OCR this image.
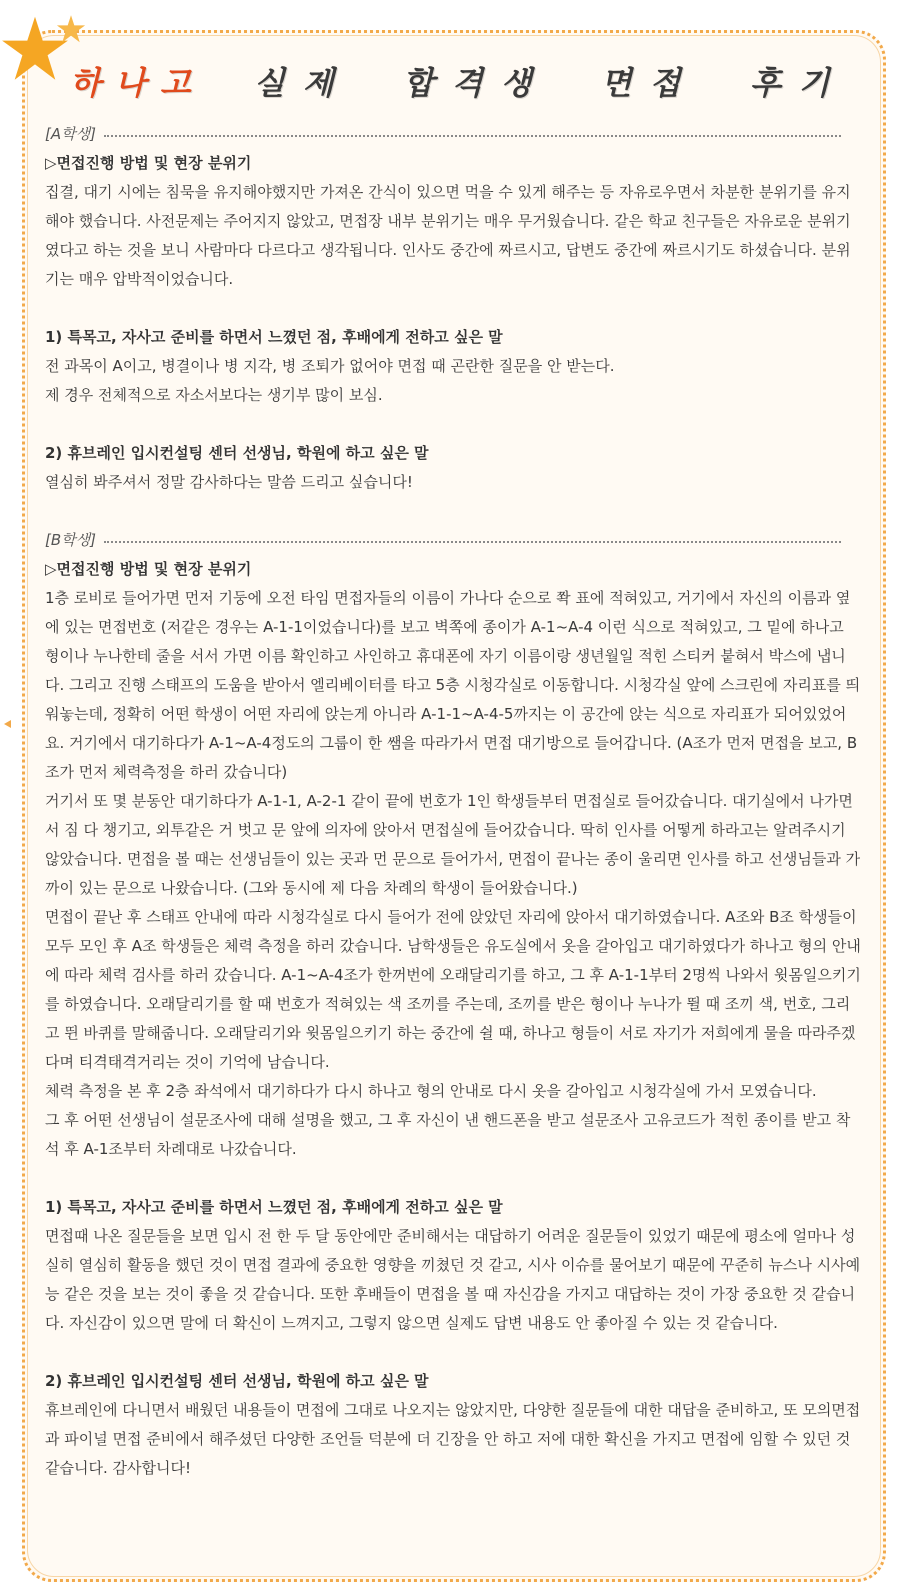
하나고 실제 합격생 면접 후기
[A학생]
▷면접진행 방법 및 현장 분위기

집결, 대기 시에는 침묵을 유지해야했지만 가져온 간식이 있으면 먹을 수 있게 해주는 등 자유로우면서 차분한 분위기를 유지해야 했습니다. 사전문제는 주어지지 않았고, 면접장 내부 분위기는 매우 무거웠습니다. 같은 학교 친구들은 자유로운 분위기였다고 하는 것을 보니 사람마다 다르다고 생각됩니다. 인사도 중간에 짜르시고, 답변도 중간에 짜르시기도 하셨습니다. 분위기는 매우 압박적이었습니다.

1) 특목고, 자사고 준비를 하면서 느꼈던 점, 후배에게 전하고 싶은 말

전 과목이 A이고, 병결이나 병 지각, 병 조퇴가 없어야 면접 때 곤란한 질문을 안 받는다.

제 경우 전체적으로 자소서보다는 생기부 많이 보심.

2) 휴브레인 입시컨설팅 센터 선생님, 학원에 하고 싶은 말

열심히 봐주셔서 정말 감사하다는 말씀 드리고 싶습니다!

[B학생]
▷면접진행 방법 및 현장 분위기

1층 로비로 들어가면 먼저 기둥에 오전 타임 면접자들의 이름이 가나다 순으로 쫙 표에 적혀있고, 거기에서 자신의 이름과 옆에 있는 면접번호 (저같은 경우는 A-1-1이었습니다)를 보고 벽쪽에 종이가 A-1~A-4 이런 식으로 적혀있고, 그 밑에 하나고 형이나 누나한테 줄을 서서 가면 이름 확인하고 사인하고 휴대폰에 자기 이름이랑 생년월일 적힌 스티커 붙혀서 박스에 냅니다. 그리고 진행 스태프의 도움을 받아서 엘리베이터를 타고 5층 시청각실로 이동합니다. 시청각실 앞에 스크린에 자리표를 띄워놓는데, 정확히 어떤 학생이 어떤 자리에 앉는게 아니라 A-1-1~A-4-5까지는 이 공간에 앉는 식으로 자리표가 되어있었어요. 거기에서 대기하다가 A-1~A-4정도의 그룹이 한 쌤을 따라가서 면접 대기방으로 들어갑니다. (A조가 먼저 면접을 보고, B조가 먼저 체력측정을 하러 갔습니다)

거기서 또 몇 분동안 대기하다가 A-1-1, A-2-1 같이 끝에 번호가 1인 학생들부터 면접실로 들어갔습니다. 대기실에서 나가면서 짐 다 챙기고, 외투같은 거 벗고 문 앞에 의자에 앉아서 면접실에 들어갔습니다. 딱히 인사를 어떻게 하라고는 알려주시기 않았습니다. 면접을 볼 때는 선생님들이 있는 곳과 먼 문으로 들어가서, 면접이 끝나는 종이 울리면 인사를 하고 선생님들과 가까이 있는 문으로 나왔습니다. (그와 동시에 제 다음 차례의 학생이 들어왔습니다.)

면접이 끝난 후 스태프 안내에 따라 시청각실로 다시 들어가 전에 앉았던 자리에 앉아서 대기하였습니다. A조와 B조 학생들이 모두 모인 후 A조 학생들은 체력 측정을 하러 갔습니다. 남학생들은 유도실에서 옷을 갈아입고 대기하였다가 하나고 형의 안내에 따라 체력 검사를 하러 갔습니다. A-1~A-4조가 한꺼번에 오래달리기를 하고, 그 후 A-1-1부터 2명씩 나와서 윗몸일으키기를 하였습니다. 오래달리기를 할 때 번호가 적혀있는 색 조끼를 주는데, 조끼를 받은 형이나 누나가 뛸 때 조끼 색, 번호, 그리고 뛴 바퀴를 말해줍니다. 오래달리기와 윗몸일으키기 하는 중간에 쉴 때, 하나고 형들이 서로 자기가 저희에게 물을 따라주겠다며 티격태격거리는 것이 기억에 남습니다.

체력 측정을 본 후 2층 좌석에서 대기하다가 다시 하나고 형의 안내로 다시 옷을 갈아입고 시청각실에 가서 모였습니다.

그 후 어떤 선생님이 설문조사에 대해 설명을 했고, 그 후 자신이 낸 핸드폰을 받고 설문조사 고유코드가 적힌 종이를 받고 착석 후 A-1조부터 차례대로 나갔습니다.

1) 특목고, 자사고 준비를 하면서 느꼈던 점, 후배에게 전하고 싶은 말

면접때 나온 질문들을 보면 입시 전 한 두 달 동안에만 준비해서는 대답하기 어려운 질문들이 있었기 때문에 평소에 얼마나 성실히 열심히 활동을 했던 것이 면접 결과에 중요한 영향을 끼쳤던 것 같고, 시사 이슈를 물어보기 때문에 꾸준히 뉴스나 시사예능 같은 것을 보는 것이 좋을 것 같습니다. 또한 후배들이 면접을 볼 때 자신감을 가지고 대답하는 것이 가장 중요한 것 같습니다. 자신감이 있으면 말에 더 확신이 느껴지고, 그렇지 않으면 실제도 답변 내용도 안 좋아질 수 있는 것 같습니다.

2) 휴브레인 입시컨설팅 센터 선생님, 학원에 하고 싶은 말

휴브레인에 다니면서 배웠던 내용들이 면접에 그대로 나오지는 않았지만, 다양한 질문들에 대한 대답을 준비하고, 또 모의면접과 파이널 면접 준비에서 해주셨던 다양한 조언들 덕분에 더 긴장을 안 하고 저에 대한 확신을 가지고 면접에 임할 수 있던 것 같습니다. 감사합니다!
